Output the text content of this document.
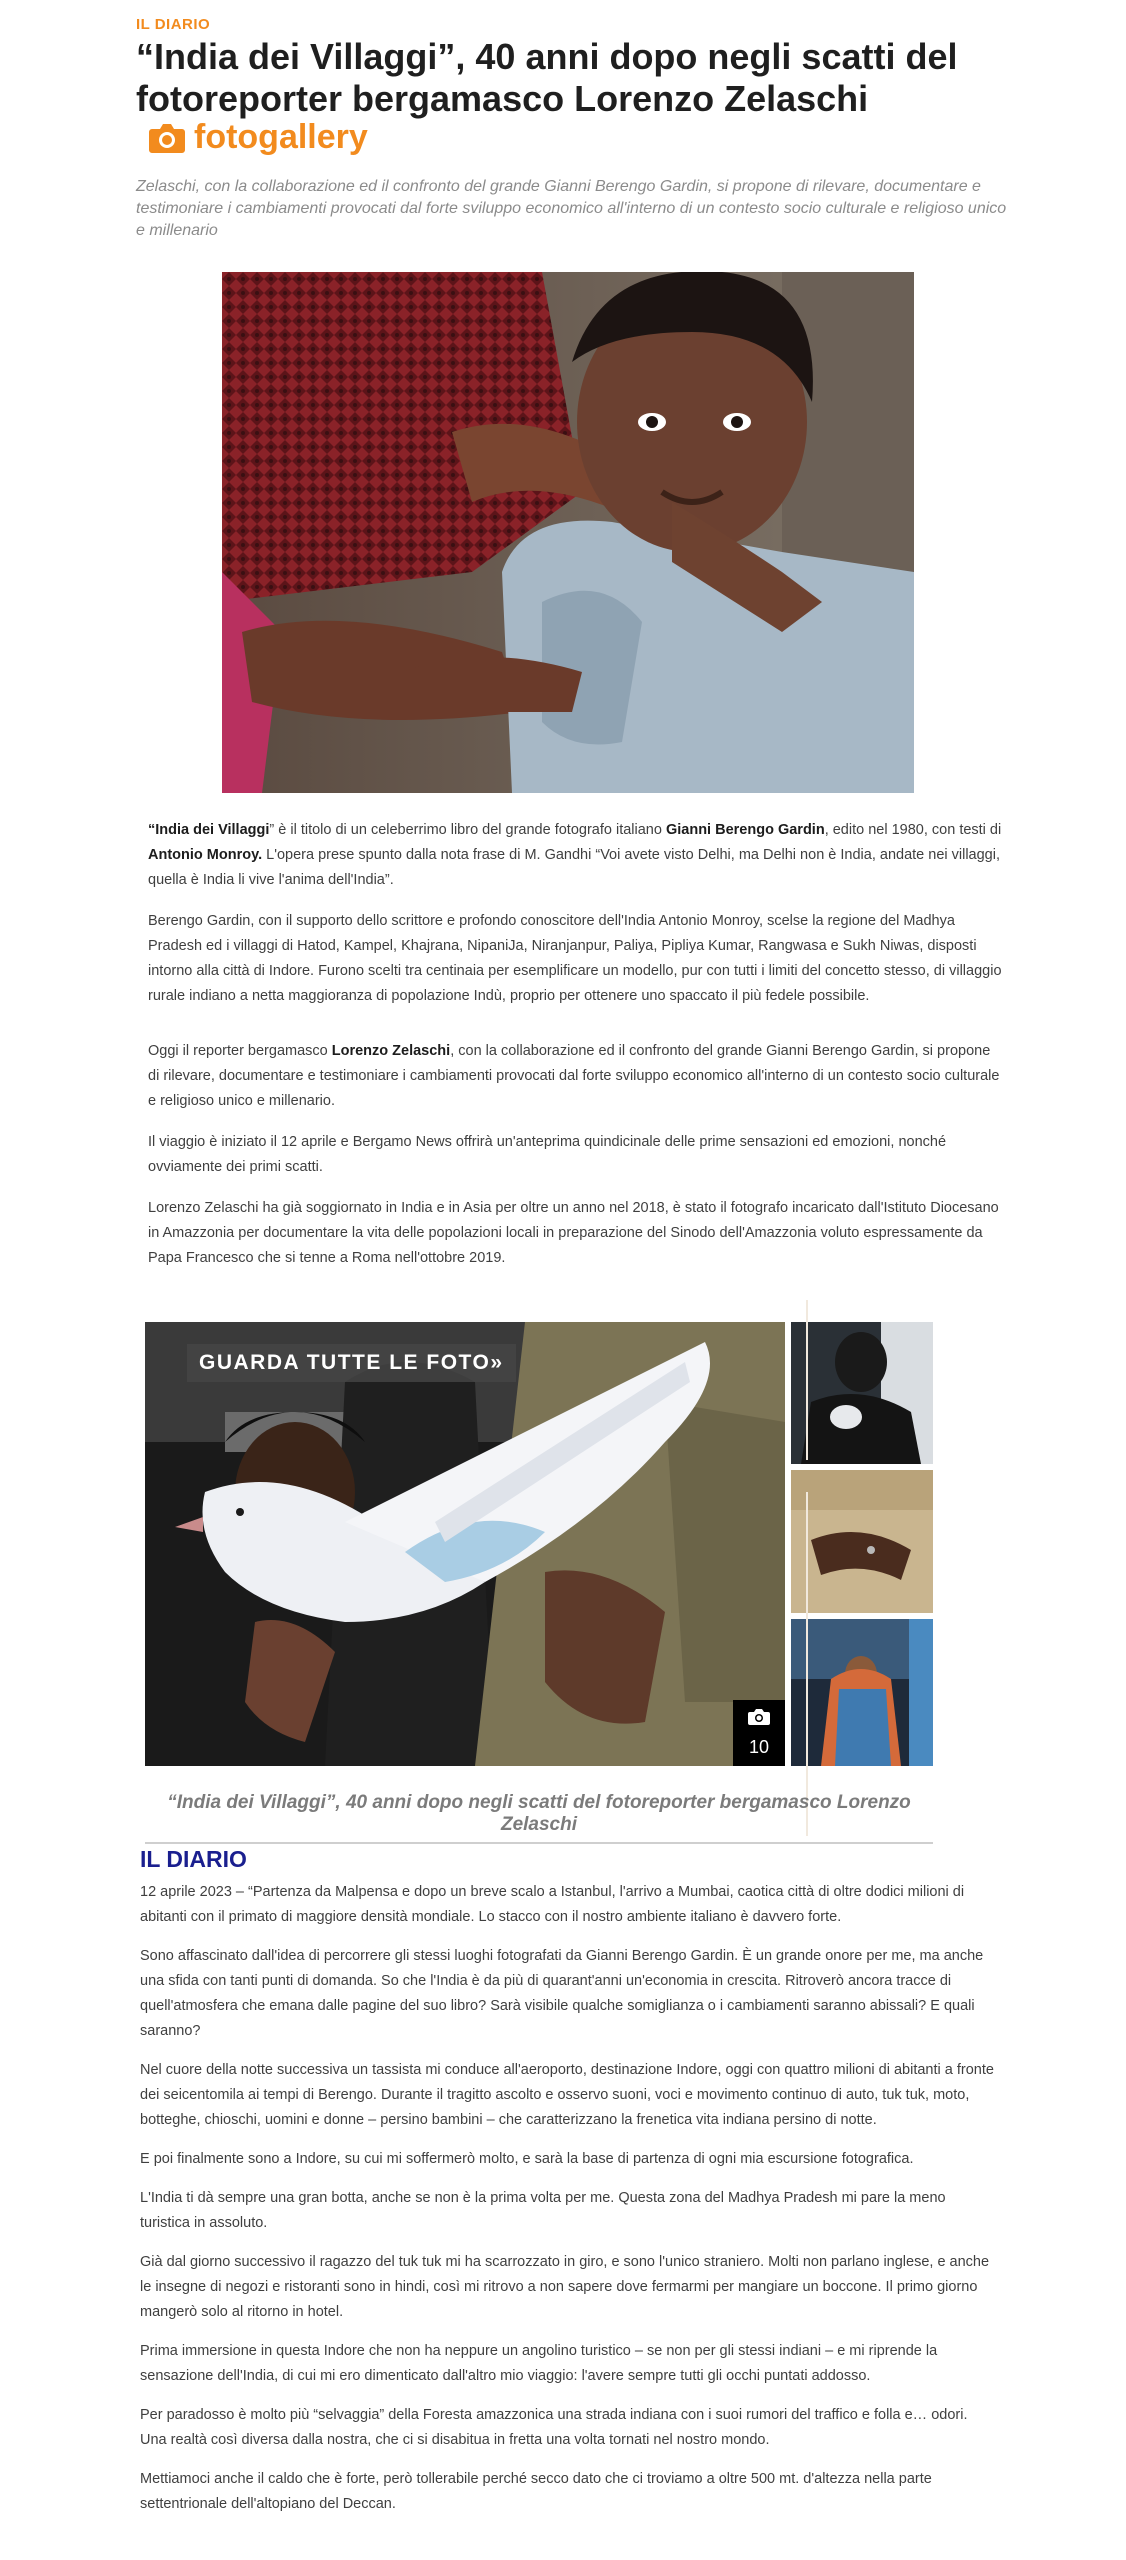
IL DIARIO
“India dei Villaggi”, 40 anni dopo negli scatti del fotoreporter bergamasco Lorenzo Zelaschi
fotogallery

Zelaschi, con la collaborazione ed il confronto del grande Gianni Berengo Gardin, si propone di rilevare, documentare e testimoniare i cambiamenti provocati dal forte sviluppo economico all'interno di un contesto socio culturale e religioso unico e millenario

“India dei Villaggi” è il titolo di un celeberrimo libro del grande fotografo italiano Gianni Berengo Gardin, edito nel 1980, con testi di Antonio Monroy. L'opera prese spunto dalla nota frase di M. Gandhi “Voi avete visto Delhi, ma Delhi non è India, andate nei villaggi, quella è India li vive l'anima dell'India”.

Berengo Gardin, con il supporto dello scrittore e profondo conoscitore dell'India Antonio Monroy, scelse la regione del Madhya Pradesh ed i villaggi di Hatod, Kampel, Khajrana, NipaniJa, Niranjanpur, Paliya, Pipliya Kumar, Rangwasa e Sukh Niwas, disposti intorno alla città di Indore. Furono scelti tra centinaia per esemplificare un modello, pur con tutti i limiti del concetto stesso, di villaggio rurale indiano a netta maggioranza di popolazione Indù, proprio per ottenere uno spaccato il più fedele possibile.

Oggi il reporter bergamasco Lorenzo Zelaschi, con la collaborazione ed il confronto del grande Gianni Berengo Gardin, si propone di rilevare, documentare e testimoniare i cambiamenti provocati dal forte sviluppo economico all'interno di un contesto socio culturale e religioso unico e millenario.

Il viaggio è iniziato il 12 aprile e Bergamo News offrirà un'anteprima quindicinale delle prime sensazioni ed emozioni, nonché ovviamente dei primi scatti.

Lorenzo Zelaschi ha già soggiornato in India e in Asia per oltre un anno nel 2018, è stato il fotografo incaricato dall'Istituto Diocesano in Amazzonia per documentare la vita delle popolazioni locali in preparazione del Sinodo dell'Amazzonia voluto espressamente da Papa Francesco che si tenne a Roma nell'ottobre 2019.

GUARDA TUTTE LE FOTO »
10
“India dei Villaggi”, 40 anni dopo negli scatti del fotoreporter bergamasco Lorenzo Zelaschi
IL DIARIO

12 aprile 2023 – “Partenza da Malpensa e dopo un breve scalo a Istanbul, l'arrivo a Mumbai, caotica città di oltre dodici milioni di abitanti con il primato di maggiore densità mondiale. Lo stacco con il nostro ambiente italiano è davvero forte.

Sono affascinato dall'idea di percorrere gli stessi luoghi fotografati da Gianni Berengo Gardin. È un grande onore per me, ma anche una sfida con tanti punti di domanda. So che l'India è da più di quarant'anni un'economia in crescita. Ritroverò ancora tracce di quell'atmosfera che emana dalle pagine del suo libro? Sarà visibile qualche somiglianza o i cambiamenti saranno abissali? E quali saranno?

Nel cuore della notte successiva un tassista mi conduce all'aeroporto, destinazione Indore, oggi con quattro milioni di abitanti a fronte dei seicentomila ai tempi di Berengo. Durante il tragitto ascolto e osservo suoni, voci e movimento continuo di auto, tuk tuk, moto, botteghe, chioschi, uomini e donne – persino bambini – che caratterizzano la frenetica vita indiana persino di notte.

E poi finalmente sono a Indore, su cui mi soffermerò molto, e sarà la base di partenza di ogni mia escursione fotografica.

L'India ti dà sempre una gran botta, anche se non è la prima volta per me. Questa zona del Madhya Pradesh mi pare la meno turistica in assoluto.

Già dal giorno successivo il ragazzo del tuk tuk mi ha scarrozzato in giro, e sono l'unico straniero. Molti non parlano inglese, e anche le insegne di negozi e ristoranti sono in hindi, così mi ritrovo a non sapere dove fermarmi per mangiare un boccone. Il primo giorno mangerò solo al ritorno in hotel.

Prima immersione in questa Indore che non ha neppure un angolino turistico – se non per gli stessi indiani – e mi riprende la sensazione dell'India, di cui mi ero dimenticato dall'altro mio viaggio: l'avere sempre tutti gli occhi puntati addosso.

Per paradosso è molto più “selvaggia” della Foresta amazzonica una strada indiana con i suoi rumori del traffico e folla e… odori. Una realtà così diversa dalla nostra, che ci si disabitua in fretta una volta tornati nel nostro mondo.

Mettiamoci anche il caldo che è forte, però tollerabile perché secco dato che ci troviamo a oltre 500 mt. d'altezza nella parte settentrionale dell'altopiano del Deccan.
